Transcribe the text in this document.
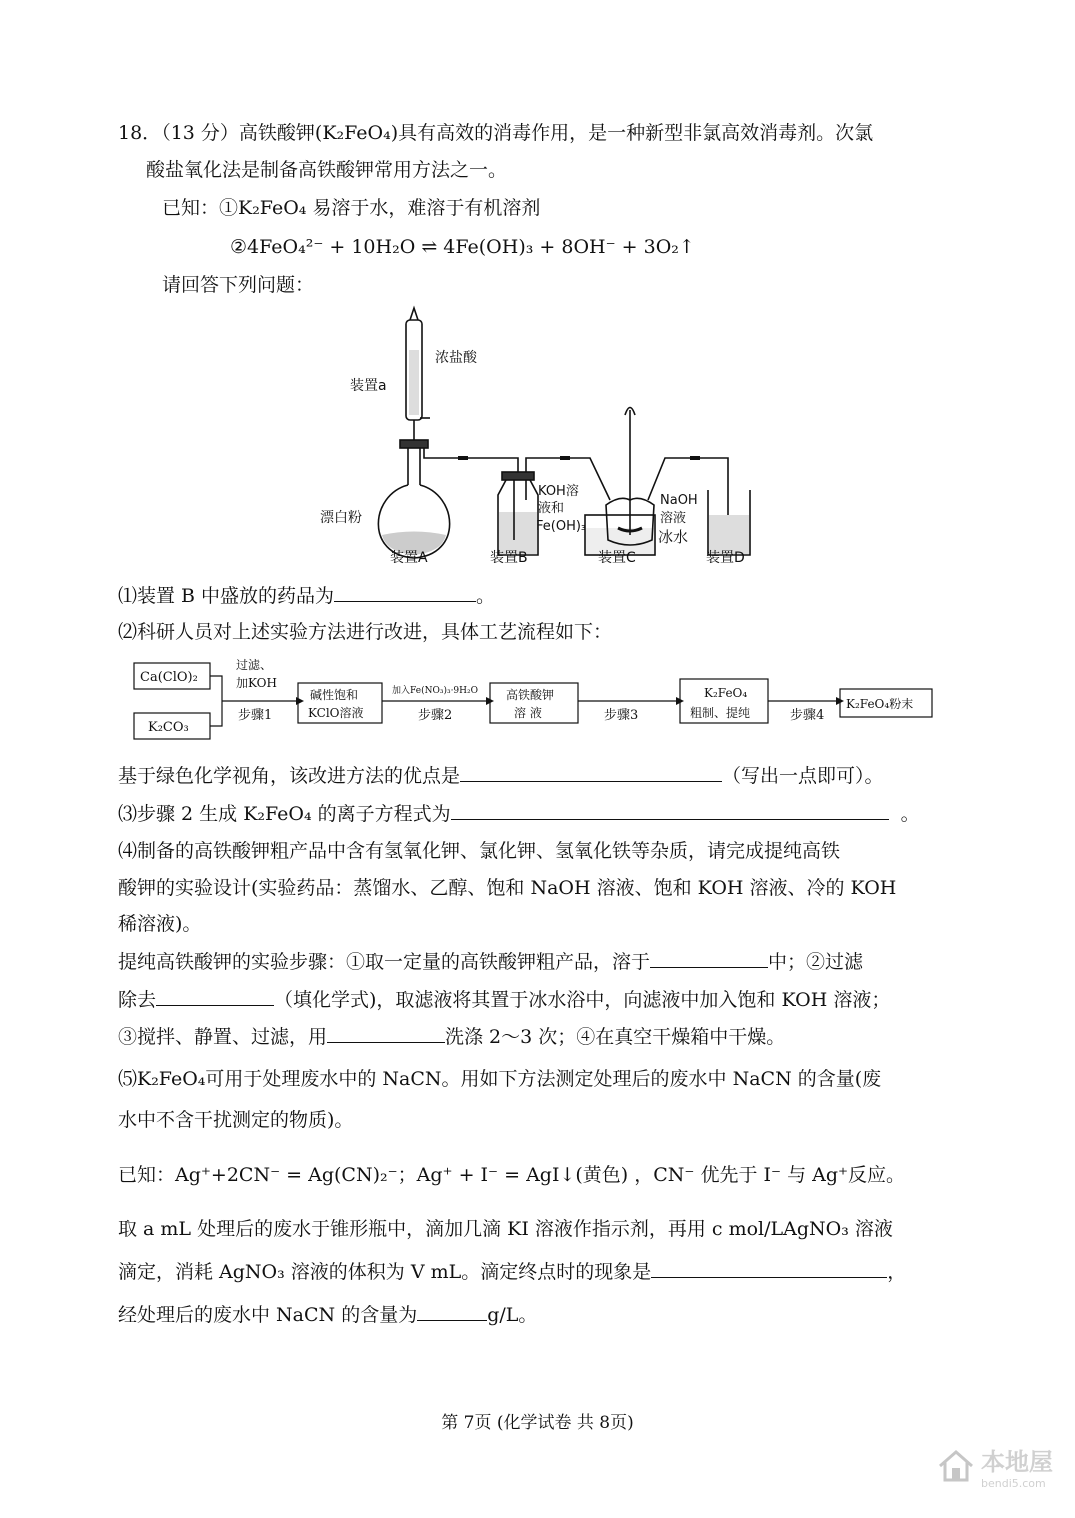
18．（13 分）高铁酸钾(K₂FeO₄)具有高效的消毒作用，是一种新型非氯高效消毒剂。次氯
酸盐氧化法是制备高铁酸钾常用方法之一。
已知：①K₂FeO₄ 易溶于水，难溶于有机溶剂
②4FeO₄²⁻ + 10H₂O ⇌ 4Fe(OH)₃ + 8OH⁻ + 3O₂↑
请回答下列问题：
装置a
浓盐酸
漂白粉
KOH溶
液和
Fe(OH)₃
NaOH
溶液
冰水
装置A	装置B	装置C	装置D
⑴装置 B 中盛放的药品为	。
⑵科研人员对上述实验方法进行改进，具体工艺流程如下：
Ca(ClO)₂
K₂CO₃
过滤、
加KOH
步骤1
碱性饱和
KClO溶液
加入Fe(NO₃)₃·9H₂O
步骤2
高铁酸钾
溶 液	步骤3
K₂FeO₄
粗制、提纯	步骤4
K₂FeO₄粉末
基于绿色化学视角，该改进方法的优点是	（写出一点即可）。
⑶步骤 2 生成 K₂FeO₄ 的离子方程式为	。
⑷制备的高铁酸钾粗产品中含有氢氧化钾、氯化钾、氢氧化铁等杂质，请完成提纯高铁
酸钾的实验设计(实验药品：蒸馏水、乙醇、饱和 NaOH 溶液、饱和 KOH 溶液、冷的 KOH
稀溶液)。
提纯高铁酸钾的实验步骤：①取一定量的高铁酸钾粗产品，溶于	中；②过滤
除去	（填化学式)，取滤液将其置于冰水浴中，向滤液中加入饱和 KOH 溶液；
③搅拌、静置、过滤，用	洗涤 2～3 次；④在真空干燥箱中干燥。
⑸K₂FeO₄可用于处理废水中的 NaCN。用如下方法测定处理后的废水中 NaCN 的含量(废
水中不含干扰测定的物质)。
已知：Ag⁺+2CN⁻ = Ag(CN)₂⁻；Ag⁺ + I⁻ = AgI↓(黄色) ，CN⁻ 优先于 I⁻ 与 Ag⁺反应。
取 a mL 处理后的废水于锥形瓶中，滴加几滴 KI 溶液作指示剂，再用 c mol/LAgNO₃ 溶液
滴定，消耗 AgNO₃ 溶液的体积为 V mL。滴定终点时的现象是	，
经处理后的废水中 NaCN 的含量为	g/L。
第 7页 (化学试卷 共 8页)

本地屋
bendi5.com
